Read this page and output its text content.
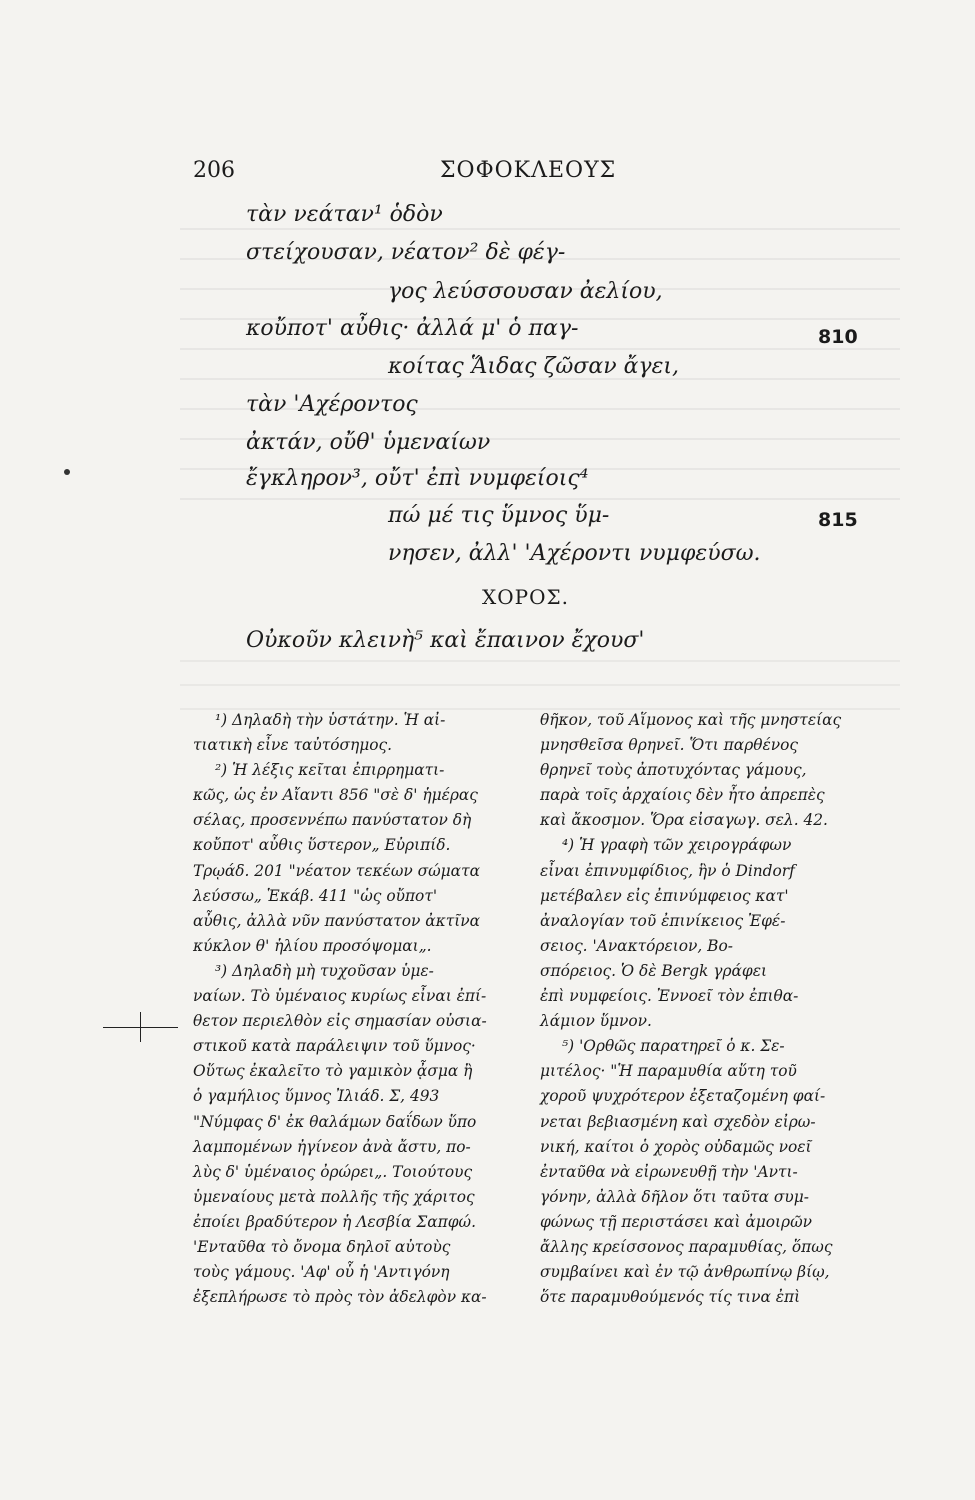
206	ΣΟΦΟΚΛΕΟΥΣ
τὰν νεάταν¹ ὁδὸν
στείχουσαν, νέατον² δὲ φέγ-
γος λεύσσουσαν ἀελίου,
κοὔποτ' αὖθις· ἀλλά μ' ὁ παγ-
κοίτας Ἅιδας ζῶσαν ἄγει,
τὰν 'Αχέροντος
ἀκτάν, οὔθ' ὑμεναίων
ἔγκληρον³, οὔτ' ἐπὶ νυμφείοις⁴
πώ μέ τις ὕμνος ὕμ-
νησεν, ἀλλ' 'Αχέροντι νυμφεύσω.
810
815
ΧΟΡΟΣ.
Οὐκοῦν κλεινὴ⁵ καὶ ἔπαινον ἔχουσ'

¹) Δηλαδὴ τὴν ὑστάτην. Ἡ αἰ-

τιατικὴ εἶνε ταὐτόσημος.

²) Ἡ λέξις κεῖται ἐπιρρηματι-

κῶς, ὡς ἐν Αἴαντι 856 "σὲ δ' ἡμέρας

σέλας, προσεννέπω πανύστατον δὴ

κοὔποτ' αὖθις ὕστερον„ Εὐριπίδ.

Τρῳάδ. 201 "νέατον τεκέων σώματα

λεύσσω„ Ἑκάβ. 411 "ὡς οὔποτ'

αὖθις, ἀλλὰ νῦν πανύστατον ἀκτῖνα

κύκλον θ' ἡλίου προσόψομαι„.

³) Δηλαδὴ μὴ τυχοῦσαν ὑμε-

ναίων. Τὸ ὑμέναιος κυρίως εἶναι ἐπί-

θετον περιελθὸν εἰς σημασίαν οὐσια-

στικοῦ κατὰ παράλειψιν τοῦ ὕμνος·

Οὕτως ἐκαλεῖτο τὸ γαμικὸν ᾆσμα ἢ

ὁ γαμήλιος ὕμνος Ἰλιάδ. Σ, 493

"Νύμφας δ' ἐκ θαλάμων δαΐδων ὕπο

λαμπομένων ἠγίνεον ἀνὰ ἄστυ, πο-

λὺς δ' ὑμέναιος ὀρώρει„. Τοιούτους

ὑμεναίους μετὰ πολλῆς τῆς χάριτος

ἐποίει βραδύτερον ἡ Λεσβία Σαπφώ.

'Ενταῦθα τὸ ὄνομα δηλοῖ αὐτοὺς

τοὺς γάμους. 'Αφ' οὗ ἡ 'Αντιγόνη

ἐξεπλήρωσε τὸ πρὸς τὸν ἀδελφὸν κα-

θῆκον, τοῦ Αἵμονος καὶ τῆς μνηστείας

μνησθεῖσα θρηνεῖ. Ὅτι παρθένος

θρηνεῖ τοὺς ἀποτυχόντας γάμους,

παρὰ τοῖς ἀρχαίοις δὲν ἦτο ἀπρεπὲς

καὶ ἄκοσμον. Ὅρα εἰσαγωγ. σελ. 42.

⁴) Ἡ γραφὴ τῶν χειρογράφων

εἶναι ἐπινυμφίδιος, ἣν ὁ Dindorf

μετέβαλεν εἰς ἐπινύμφειος κατ'

ἀναλογίαν τοῦ ἐπινίκειος Ἐφέ-

σειος. 'Ανακτόρειον, Βο-

σπόρειος. Ὁ δὲ Bergk γράφει

ἐπὶ νυμφείοις. Ἐννοεῖ τὸν ἐπιθα-

λάμιον ὕμνον.

⁵) 'Ορθῶς παρατηρεῖ ὁ κ. Σε-

μιτέλος· "Ἡ παραμυθία αὕτη τοῦ

χοροῦ ψυχρότερον ἐξεταζομένη φαί-

νεται βεβιασμένη καὶ σχεδὸν εἰρω-

νική, καίτοι ὁ χορὸς οὐδαμῶς νοεῖ

ἐνταῦθα νὰ εἰρωνευθῇ τὴν 'Αντι-

γόνην, ἀλλὰ δῆλον ὅτι ταῦτα συμ-

φώνως τῇ περιστάσει καὶ ἀμοιρῶν

ἄλλης κρείσσονος παραμυθίας, ὅπως

συμβαίνει καὶ ἐν τῷ ἀνθρωπίνῳ βίῳ,

ὅτε παραμυθούμενός τίς τινα ἐπὶ
